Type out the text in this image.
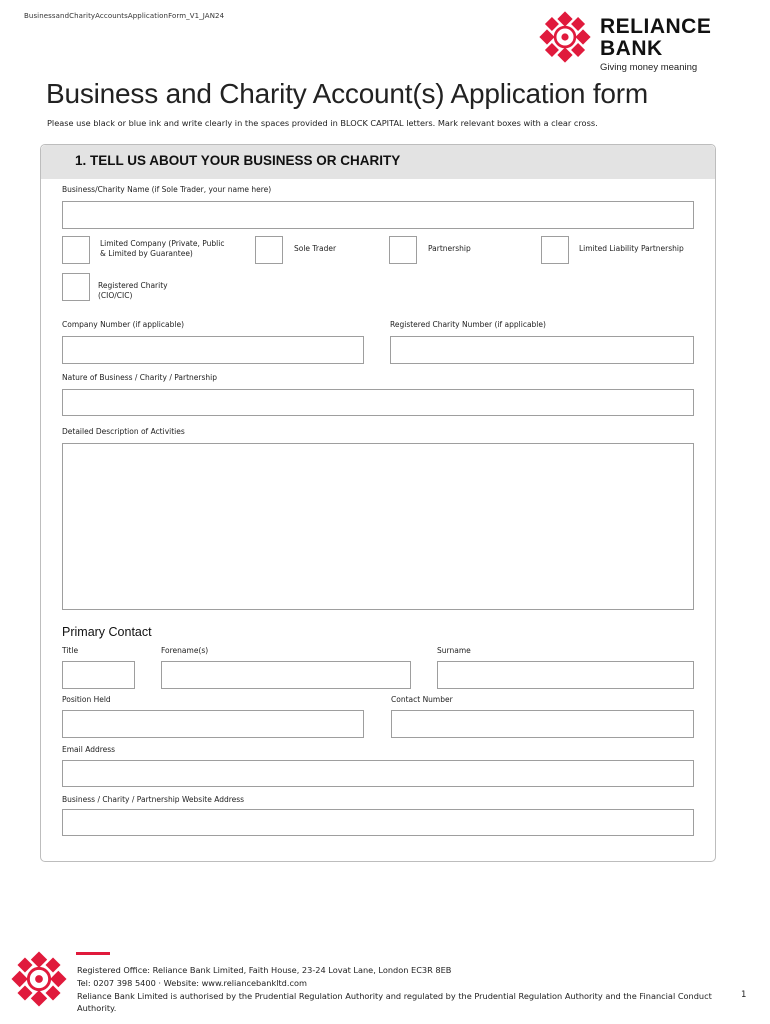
BusinessandCharityAccountsApplicationForm_V1_JAN24	RELIANCE
BANK
Giving money meaning
Business and Charity Account(s) Application form
Please use black or blue ink and write clearly in the spaces provided in BLOCK CAPITAL letters. Mark relevant boxes with a clear cross.
1. TELL US ABOUT YOUR BUSINESS OR CHARITY
Business/Charity Name (if Sole Trader, your name here)
Limited Company (Private, Public
& Limited by Guarantee)
Sole Trader	Partnership	Limited Liability Partnership
Registered Charity
(CIO/CIC)
Company Number (if applicable)	Registered Charity Number (if applicable)
Nature of Business / Charity / Partnership
Detailed Description of Activities
Primary Contact
Title	Forename(s)	Surname
Position Held	Contact Number
Email Address
Business / Charity / Partnership Website Address
Registered Office: Reliance Bank Limited, Faith House, 23-24 Lovat Lane, London EC3R 8EB
Tel: 0207 398 5400 · Website: www.reliancebankltd.com
Reliance Bank Limited is authorised by the Prudential Regulation Authority and regulated by the Prudential Regulation Authority and the Financial Conduct
Authority.
1
